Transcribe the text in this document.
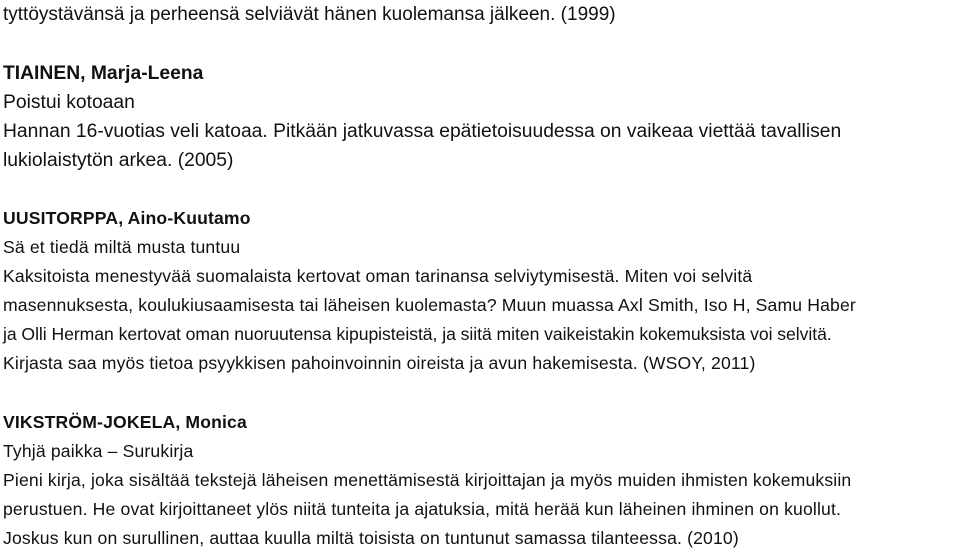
tyttöystävänsä ja perheensä selviävät hänen kuolemansa jälkeen. (1999)
TIAINEN, Marja-Leena
Poistui kotoaan
Hannan 16-vuotias veli katoaa. Pitkään jatkuvassa epätietoisuudessa on vaikeaa viettää tavallisen
lukiolaistytön arkea. (2005)
UUSITORPPA, Aino-Kuutamo
Sä et tiedä miltä musta tuntuu
Kaksitoista menestyvää suomalaista kertovat oman tarinansa selviytymisestä. Miten voi selvitä
masennuksesta, koulukiusaamisesta tai läheisen kuolemasta? Muun muassa Axl Smith, Iso H, Samu Haber
ja Olli Herman kertovat oman nuoruutensa kipupisteistä, ja siitä miten vaikeistakin kokemuksista voi selvitä.
Kirjasta saa myös tietoa psyykkisen pahoinvoinnin oireista ja avun hakemisesta. (WSOY, 2011)
VIKSTRÖM-JOKELA, Monica
Tyhjä paikka – Surukirja
Pieni kirja, joka sisältää tekstejä läheisen menettämisestä kirjoittajan ja myös muiden ihmisten kokemuksiin
perustuen. He ovat kirjoittaneet ylös niitä tunteita ja ajatuksia, mitä herää kun läheinen ihminen on kuollut.
Joskus kun on surullinen, auttaa kuulla miltä toisista on tuntunut samassa tilanteessa. (2010)
